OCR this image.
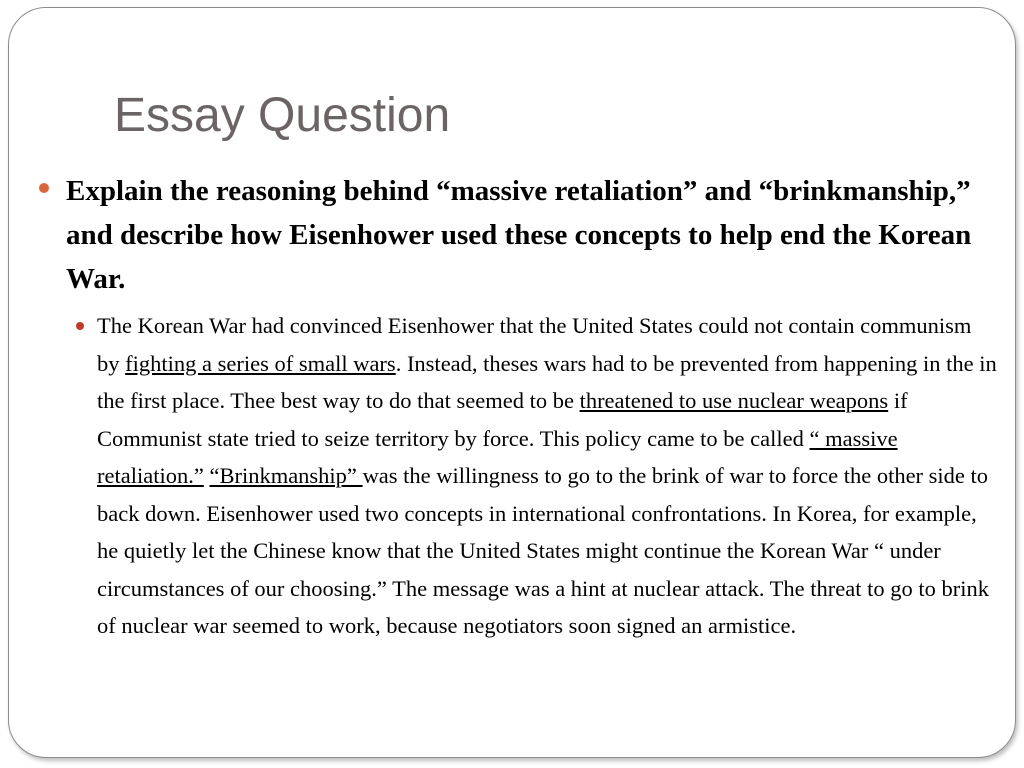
Essay Question
Explain the reasoning behind “massive retaliation” and “brinkmanship,” and describe how Eisenhower used these concepts to help end the Korean War.
The Korean War had convinced Eisenhower that the United States could not contain communism by fighting a series of small wars. Instead, theses wars had to be prevented from happening in the in the first place. Thee best way to do that seemed to be threatened to use nuclear weapons if Communist state tried to seize territory by force. This policy came to be called “ massive retaliation.” “Brinkmanship” was the willingness to go to the brink of war to force the other side to back down. Eisenhower used two concepts in international confrontations. In Korea, for example, he quietly let the Chinese know that the United States might continue the Korean War “ under circumstances of our choosing.” The message was a hint at nuclear attack. The threat to go to brink of nuclear war seemed to work, because negotiators soon signed an armistice.
